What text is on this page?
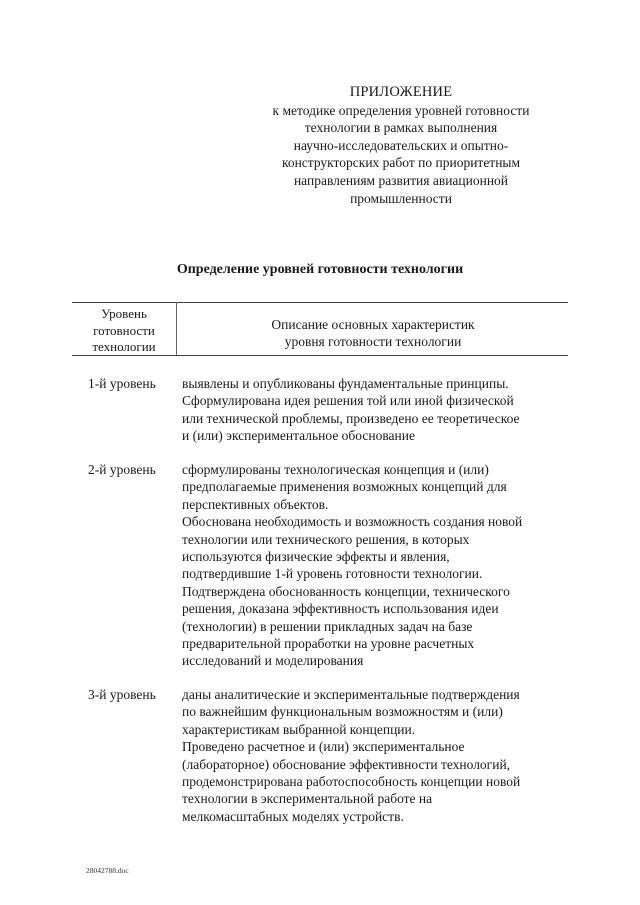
ПРИЛОЖЕНИЕ
к методике определения уровней готовности
технологии в рамках выполнения
научно-исследовательских и опытно-
конструкторских работ по приоритетным
направлениям развития авиационной
промышленности
Определение уровней готовности технологии
Уровень
готовности
технологии
Описание основных характеристик
уровня готовности технологии
1-й уровень выявлены и опубликованы фундаментальные принципы.

Сформулирована идея решения той или иной физической

или технической проблемы, произведено ее теоретическое

и (или) экспериментальное обоснование

2-й уровень сформулированы технологическая концепция и (или)

предполагаемые применения возможных концепций для

перспективных объектов.

Обоснована необходимость и возможность создания новой

технологии или технического решения, в которых

используются физические эффекты и явления,

подтвердившие 1-й уровень готовности технологии.

Подтверждена обоснованность концепции, технического

решения, доказана эффективность использования идеи

(технологии) в решении прикладных задач на базе

предварительной проработки на уровне расчетных

исследований и моделирования

3-й уровень даны аналитические и экспериментальные подтверждения

по важнейшим функциональным возможностям и (или)

характеристикам выбранной концепции.

Проведено расчетное и (или) экспериментальное

(лабораторное) обоснование эффективности технологий,

продемонстрирована работоспособность концепции новой

технологии в экспериментальной работе на

мелкомасштабных моделях устройств.

28042788.doc
